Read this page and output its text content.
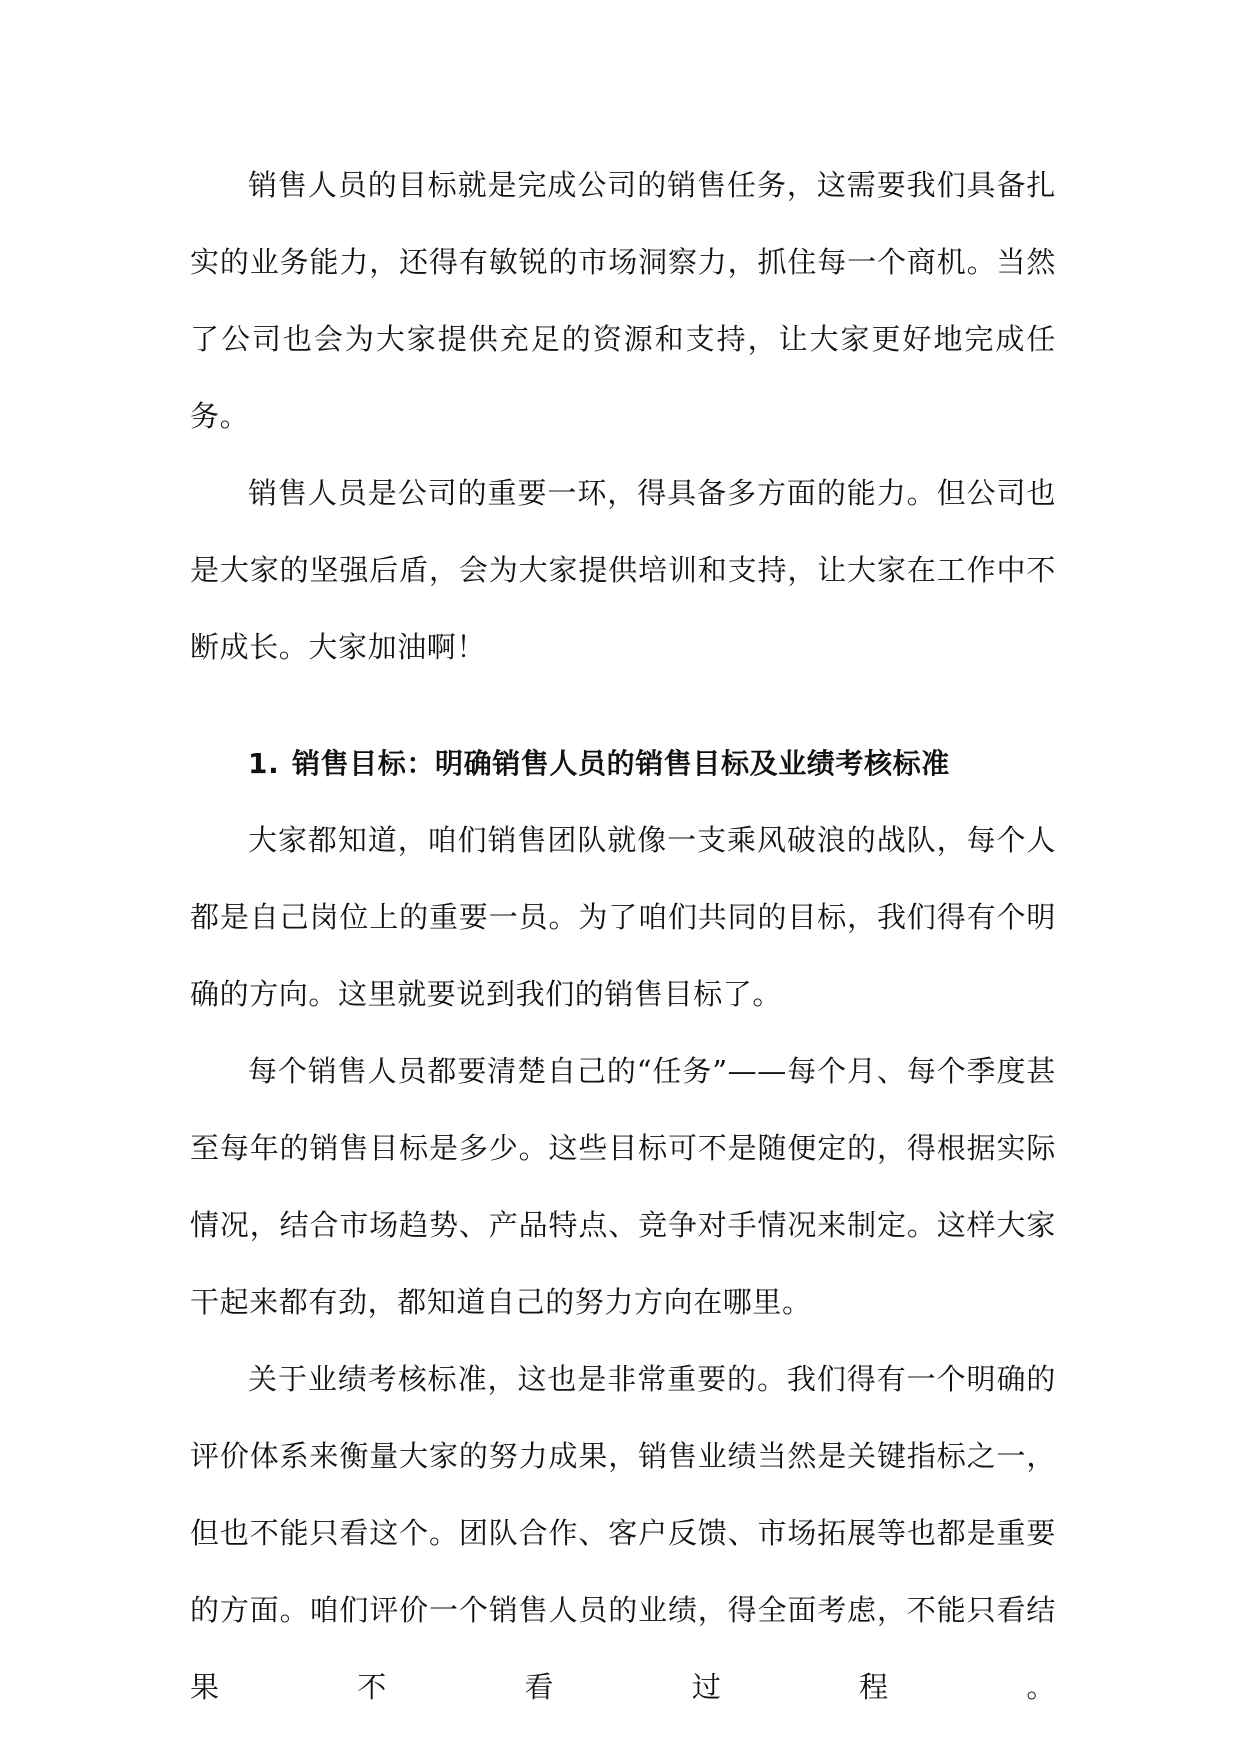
销售人员的目标就是完成公司的销售任务，这需要我们具备扎实的业务能力，还得有敏锐的市场洞察力，抓住每一个商机。当然了公司也会为大家提供充足的资源和支持，让大家更好地完成任务。

销售人员是公司的重要一环，得具备多方面的能力。但公司也是大家的坚强后盾，会为大家提供培训和支持，让大家在工作中不断成长。大家加油啊！

1. 销售目标：明确销售人员的销售目标及业绩考核标准

大家都知道，咱们销售团队就像一支乘风破浪的战队，每个人都是自己岗位上的重要一员。为了咱们共同的目标，我们得有个明确的方向。这里就要说到我们的销售目标了。

每个销售人员都要清楚自己的“任务”——每个月、每个季度甚至每年的销售目标是多少。这些目标可不是随便定的，得根据实际情况，结合市场趋势、产品特点、竞争对手情况来制定。这样大家干起来都有劲，都知道自己的努力方向在哪里。

关于业绩考核标准，这也是非常重要的。我们得有一个明确的评价体系来衡量大家的努力成果，销售业绩当然是关键指标之一，但也不能只看这个。团队合作、客户反馈、市场拓展等也都是重要的方面。咱们评价一个销售人员的业绩，得全面考虑，不能只看结果不看过程。
